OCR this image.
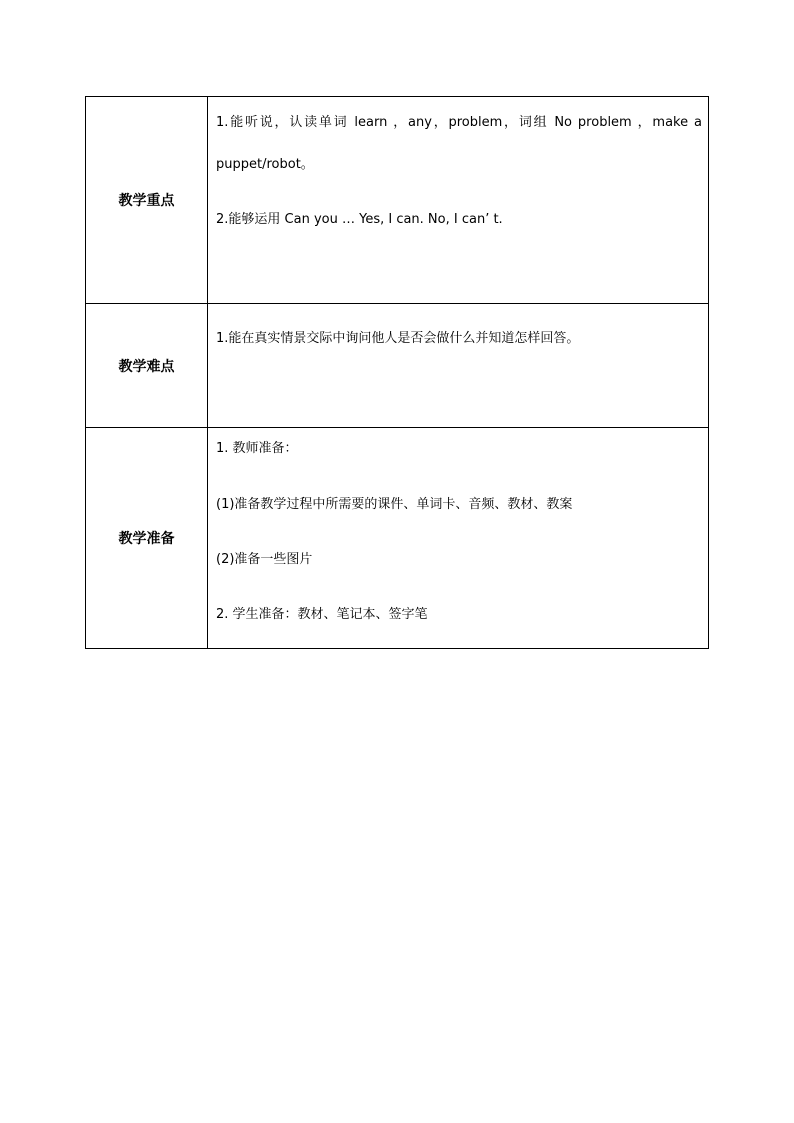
教学重点	1.能听说，认读单词 learn ，any，problem，词组 No problem ，make a
puppet/robot。
2.能够运用 Can you … Yes, I can. No, I can’ t.

教学难点	1.能在真实情景交际中询问他人是否会做什么并知道怎样回答。

教学准备	1. 教师准备：
(1)准备教学过程中所需要的课件、单词卡、音频、教材、教案
(2)准备一些图片
2. 学生准备：教材、笔记本、签字笔
